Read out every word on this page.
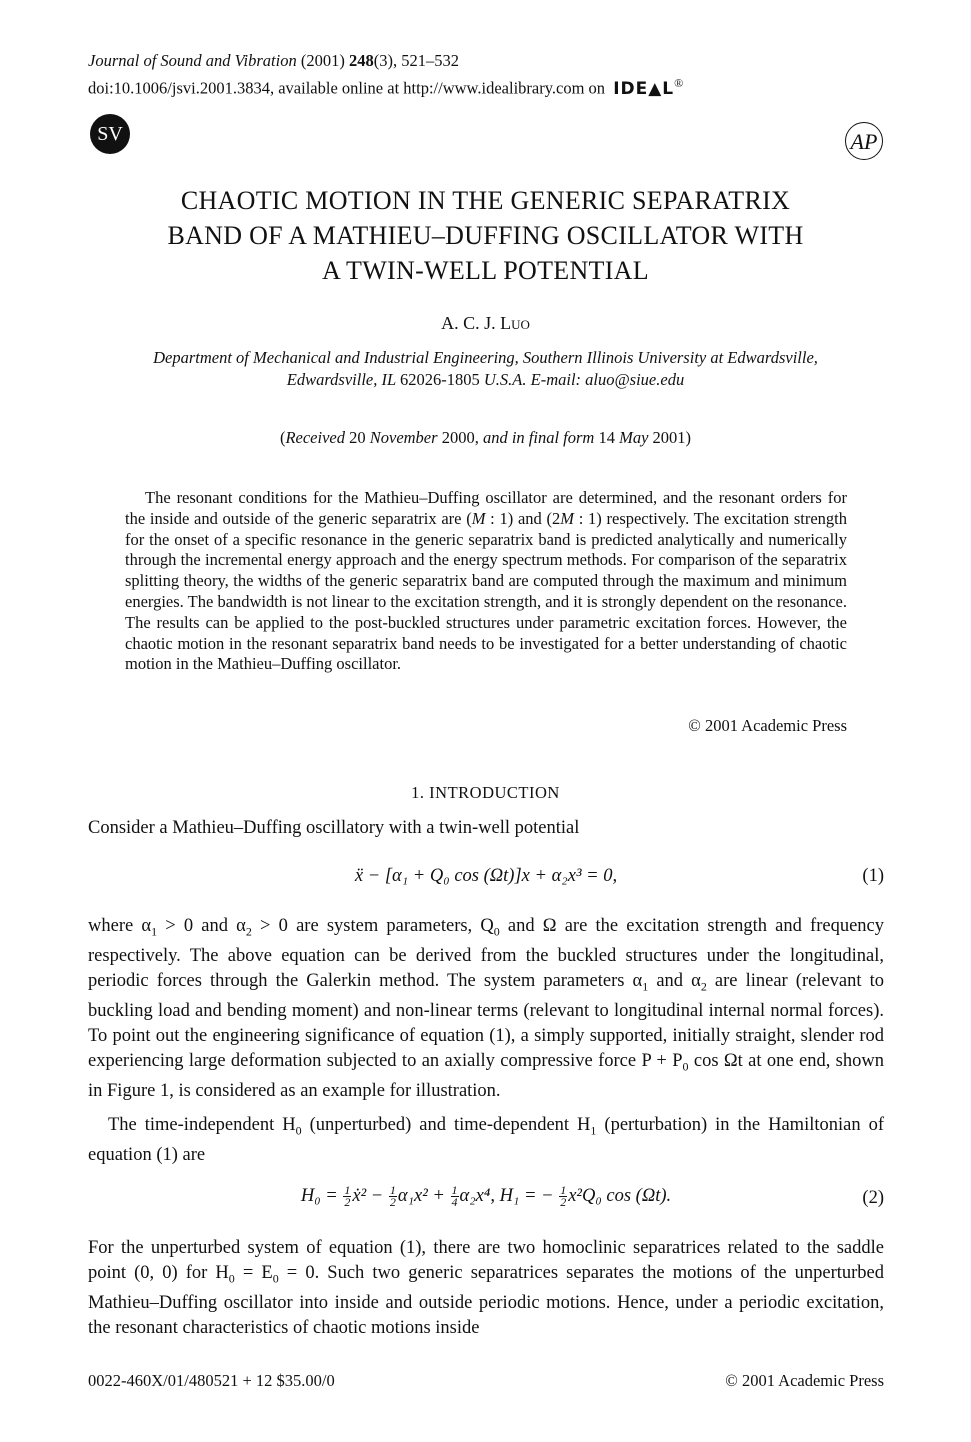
Journal of Sound and Vibration (2001) 248(3), 521–532
doi:10.1006/jsvi.2001.3834, available online at http://www.idealibrary.com on IDE▲L®
SV	AP
CHAOTIC MOTION IN THE GENERIC SEPARATRIX
BAND OF A MATHIEU–DUFFING OSCILLATOR WITH
A TWIN-WELL POTENTIAL
A. C. J. Luo
Department of Mechanical and Industrial Engineering, Southern Illinois University at Edwardsville,
Edwardsville, IL 62026-1805 U.S.A. E-mail: aluo@siue.edu
(Received 20 November 2000, and in final form 14 May 2001)
The resonant conditions for the Mathieu–Duffing oscillator are determined, and the resonant orders for the inside and outside of the generic separatrix are (M : 1) and (2M : 1) respectively. The excitation strength for the onset of a specific resonance in the generic separatrix band is predicted analytically and numerically through the incremental energy approach and the energy spectrum methods. For comparison of the separatrix splitting theory, the widths of the generic separatrix band are computed through the maximum and minimum energies. The bandwidth is not linear to the excitation strength, and it is strongly dependent on the resonance. The results can be applied to the post-buckled structures under parametric excitation forces. However, the chaotic motion in the resonant separatrix band needs to be investigated for a better understanding of chaotic motion in the Mathieu–Duffing oscillator.
© 2001 Academic Press
1. INTRODUCTION
Consider a Mathieu–Duffing oscillatory with a twin-well potential
ẍ − [α₁ + Q₀ cos (Ωt)]x + α₂x³ = 0,	(1)
where $\alpha_1 > 0$ and $\alpha_2 > 0$ are system parameters, $Q_0$ and Ω are the excitation strength and frequency respectively. The above equation can be derived from the buckled structures under the longitudinal, periodic forces through the Galerkin method. The system parameters $\alpha_1$ and $\alpha_2$ are linear (relevant to buckling load and bending moment) and non-linear terms (relevant to longitudinal internal normal forces). To point out the engineering significance of equation (1), a simply supported, initially straight, slender rod experiencing large deformation subjected to an axially compressive force $P + P_0$ cos Ωt at one end, shown in Figure 1, is considered as an example for illustration.
The time-independent $H_0$ (unperturbed) and time-dependent $H_1$ (perturbation) in the Hamiltonian of equation (1) are
$H_0 = \frac{1}{2}$ ẋ² − $\frac{1}{2} \alpha_1x^2 + \frac{1}{4} \alpha_2x^4$, H₁ = − $\frac{1}{2} x^2Q_0$ cos (Ωt).	(2)
For the unperturbed system of equation (1), there are two homoclinic separatrices related to the saddle point (0, 0) for $H_0 = E_0 = 0$. Such two generic separatrices separates the motions of the unperturbed Mathieu–Duffing oscillator into inside and outside periodic motions. Hence, under a periodic excitation, the resonant characteristics of chaotic motions inside
0022-460X/01/480521 + 12 $35.00/0	© 2001 Academic Press
